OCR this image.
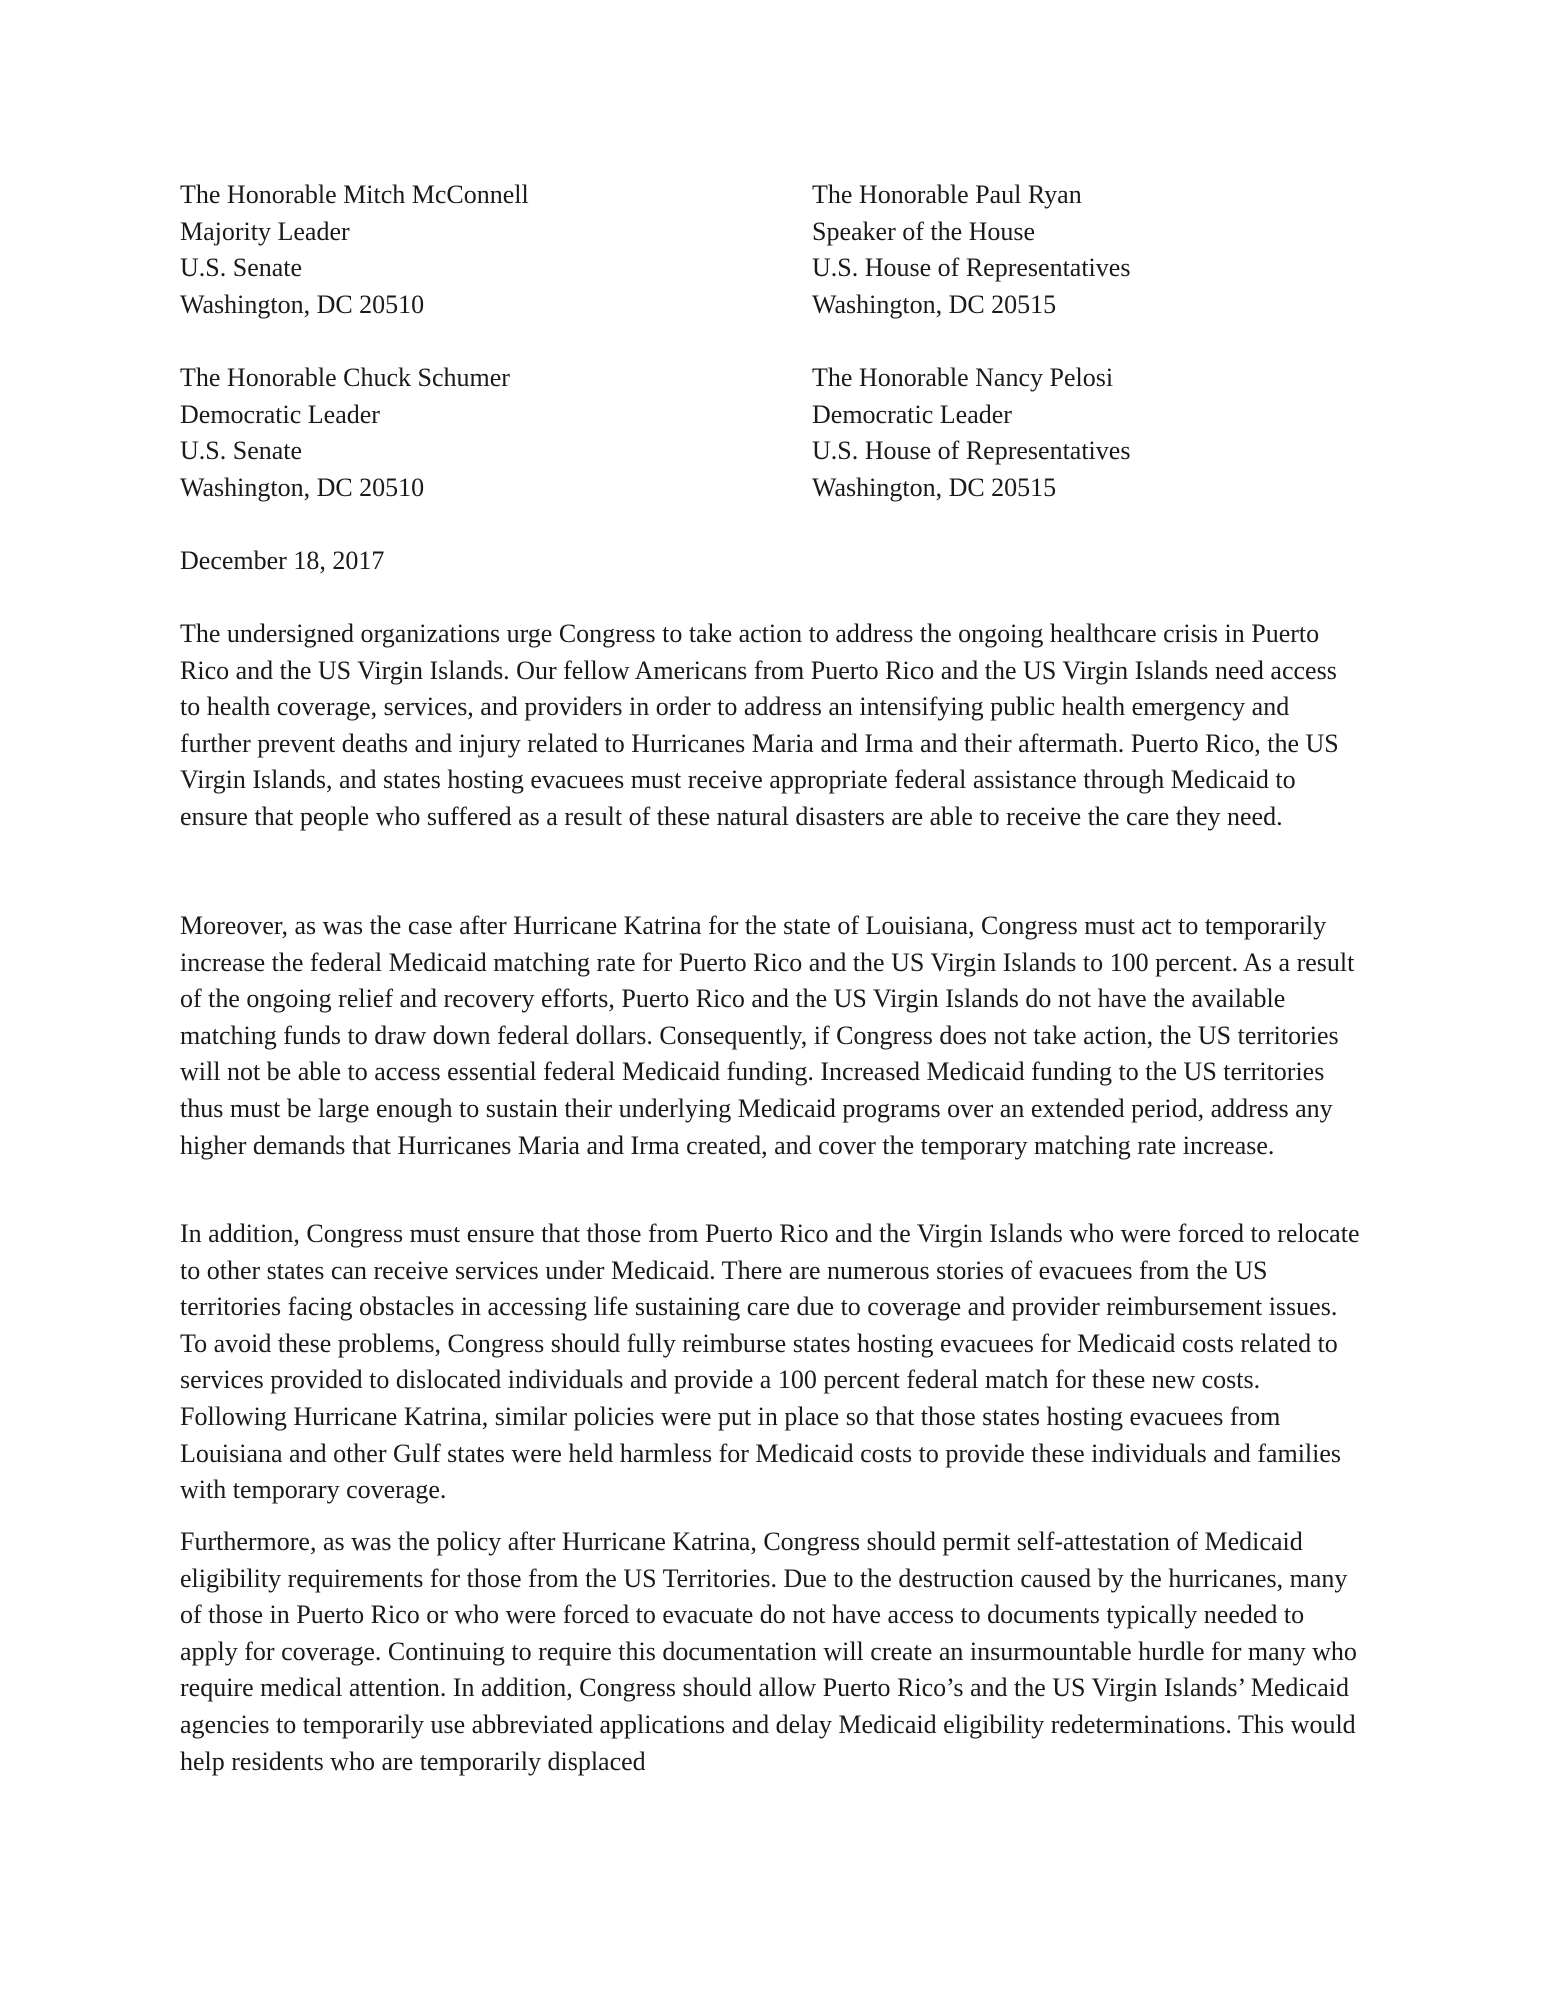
The Honorable Mitch McConnell
Majority Leader
U.S. Senate
Washington, DC 20510
The Honorable Paul Ryan
Speaker of the House
U.S. House of Representatives
Washington, DC 20515
The Honorable Chuck Schumer
Democratic Leader
U.S. Senate
Washington, DC 20510
The Honorable Nancy Pelosi
Democratic Leader
U.S. House of Representatives
Washington, DC 20515
December 18, 2017

The undersigned organizations urge Congress to take action to address the ongoing healthcare crisis in Puerto Rico and the US Virgin Islands. Our fellow Americans from Puerto Rico and the US Virgin Islands need access to health coverage, services, and providers in order to address an intensifying public health emergency and further prevent deaths and injury related to Hurricanes Maria and Irma and their aftermath. Puerto Rico, the US Virgin Islands, and states hosting evacuees must receive appropriate federal assistance through Medicaid to ensure that people who suffered as a result of these natural disasters are able to receive the care they need.

Moreover, as was the case after Hurricane Katrina for the state of Louisiana, Congress must act to temporarily increase the federal Medicaid matching rate for Puerto Rico and the US Virgin Islands to 100 percent. As a result of the ongoing relief and recovery efforts, Puerto Rico and the US Virgin Islands do not have the available matching funds to draw down federal dollars. Consequently, if Congress does not take action, the US territories will not be able to access essential federal Medicaid funding. Increased Medicaid funding to the US territories thus must be large enough to sustain their underlying Medicaid programs over an extended period, address any higher demands that Hurricanes Maria and Irma created, and cover the temporary matching rate increase.

In addition, Congress must ensure that those from Puerto Rico and the Virgin Islands who were forced to relocate to other states can receive services under Medicaid. There are numerous stories of evacuees from the US territories facing obstacles in accessing life sustaining care due to coverage and provider reimbursement issues. To avoid these problems, Congress should fully reimburse states hosting evacuees for Medicaid costs related to services provided to dislocated individuals and provide a 100 percent federal match for these new costs. Following Hurricane Katrina, similar policies were put in place so that those states hosting evacuees from Louisiana and other Gulf states were held harmless for Medicaid costs to provide these individuals and families with temporary coverage.

Furthermore, as was the policy after Hurricane Katrina, Congress should permit self-attestation of Medicaid eligibility requirements for those from the US Territories. Due to the destruction caused by the hurricanes, many of those in Puerto Rico or who were forced to evacuate do not have access to documents typically needed to apply for coverage. Continuing to require this documentation will create an insurmountable hurdle for many who require medical attention. In addition, Congress should allow Puerto Rico’s and the US Virgin Islands’ Medicaid agencies to temporarily use abbreviated applications and delay Medicaid eligibility redeterminations. This would help residents who are temporarily displaced
